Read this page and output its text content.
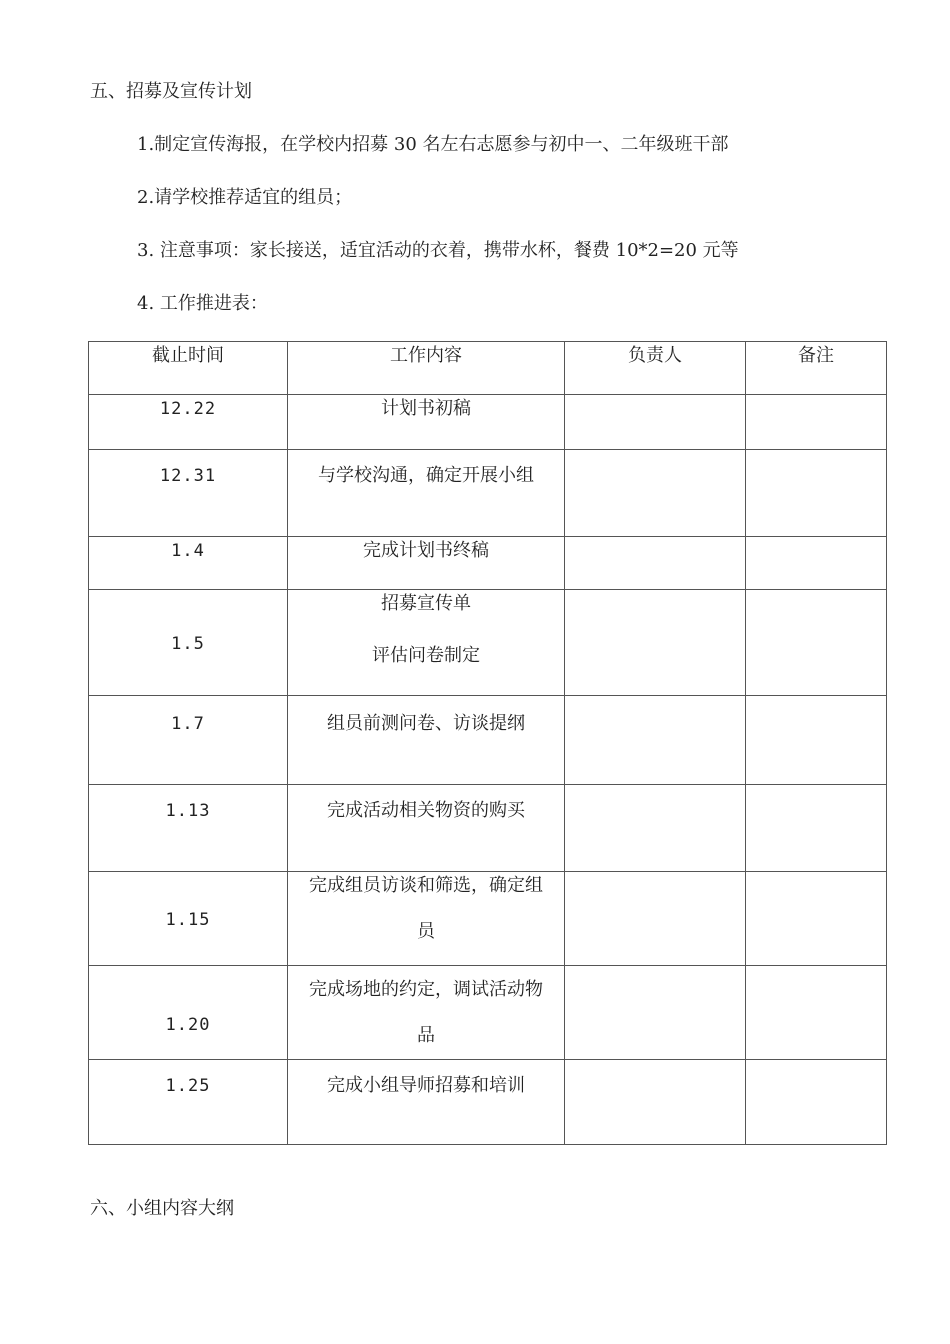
五、招募及宣传计划
1.制定宣传海报，在学校内招募 30 名左右志愿参与初中一、二年级班干部
2.请学校推荐适宜的组员；
3. 注意事项：家长接送，适宜活动的衣着，携带水杯，餐费 10*2=20 元等
4. 工作推进表：
截止时间	工作内容	负责人	备注

12.22	计划书初稿		

12.31	与学校沟通，确定开展小组		

1.4	完成计划书终稿		

1.5	招募宣传单
评估问卷制定		

1.7	组员前测问卷、访谈提纲		

1.13	完成活动相关物资的购买		

1.15	完成组员访谈和筛选，确定组
员		

1.20	完成场地的约定，调试活动物
品		

1.25	完成小组导师招募和培训		

六、小组内容大纲
